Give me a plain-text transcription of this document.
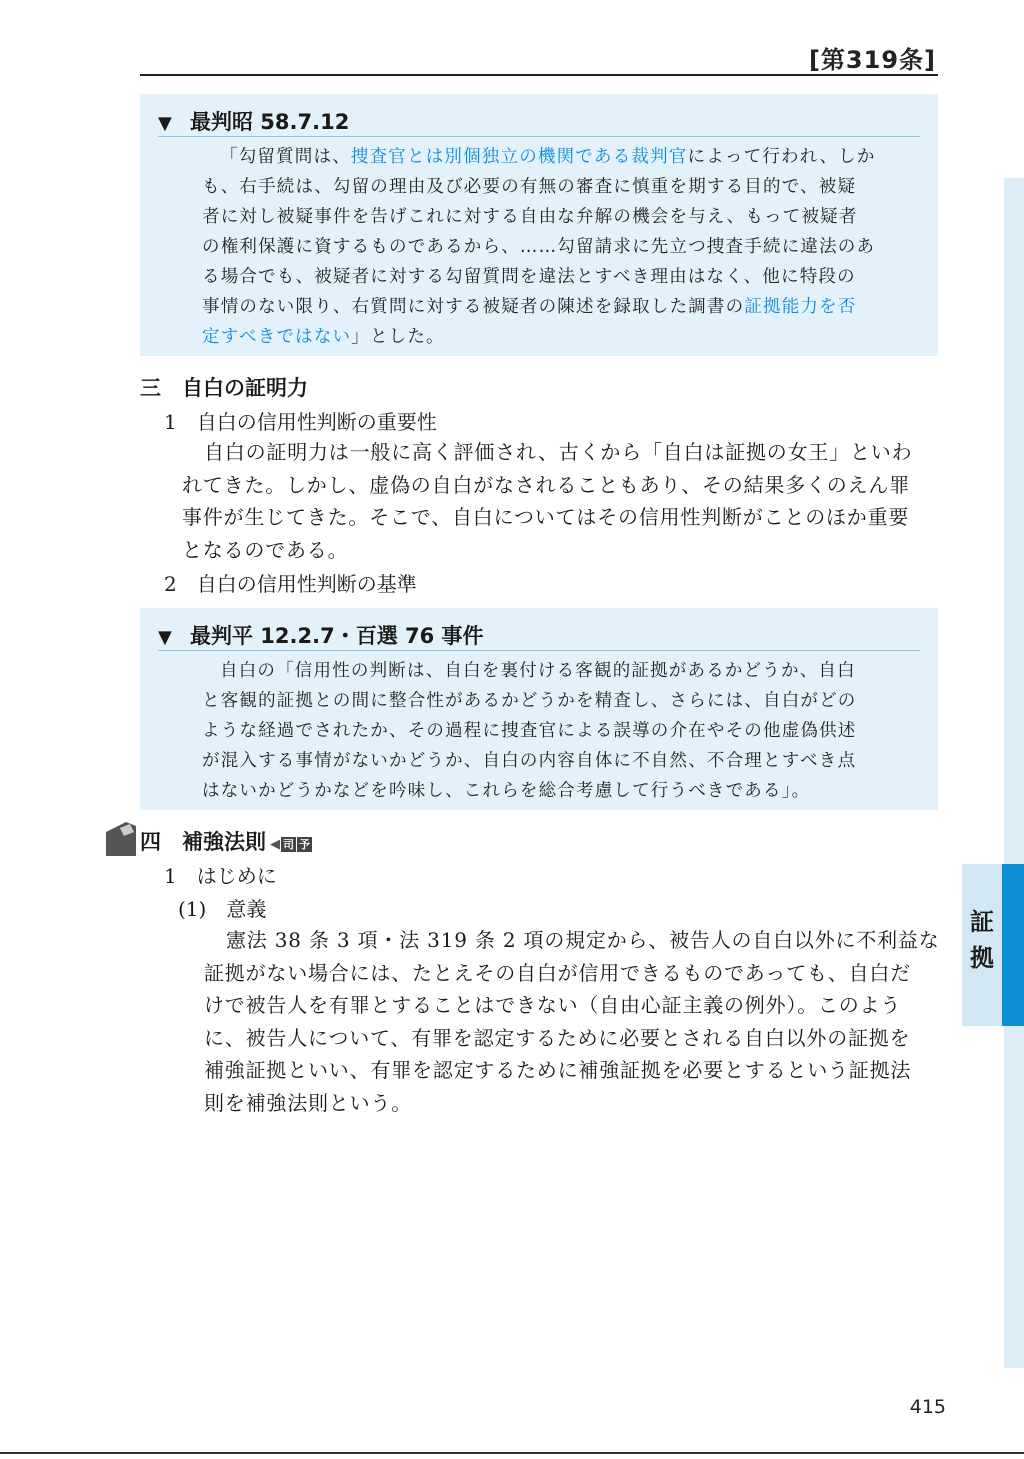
[第319条]
証
拠
▼ 最判昭 58.7.12
「勾留質問は、捜査官とは別個独立の機関である裁判官によって行われ、しか
も、右手続は、勾留の理由及び必要の有無の審査に慎重を期する目的で、被疑
者に対し被疑事件を告げこれに対する自由な弁解の機会を与え、もって被疑者
の権利保護に資するものであるから、……勾留請求に先立つ捜査手続に違法のあ
る場合でも、被疑者に対する勾留質問を違法とすべき理由はなく、他に特段の
事情のない限り、右質問に対する被疑者の陳述を録取した調書の証拠能力を否
定すべきではない」とした。
三　自白の証明力
1　自白の信用性判断の重要性
自白の証明力は一般に高く評価され、古くから「自白は証拠の女王」といわ
れてきた。しかし、虚偽の自白がなされることもあり、その結果多くのえん罪
事件が生じてきた。そこで、自白についてはその信用性判断がことのほか重要
となるのである。
2　自白の信用性判断の基準
▼ 最判平 12.2.7・百選 76 事件
自白の「信用性の判断は、自白を裏付ける客観的証拠があるかどうか、自白
と客観的証拠との間に整合性があるかどうかを精査し、さらには、自白がどの
ような経過でされたか、その過程に捜査官による誤導の介在やその他虚偽供述
が混入する事情がないかどうか、自白の内容自体に不自然、不合理とすべき点
はないかどうかなどを吟味し、これらを総合考慮して行うべきである」。
四　補強法則 ◀ 司 予
1　はじめに
(1)　意義
憲法 38 条 3 項・法 319 条 2 項の規定から、被告人の自白以外に不利益な
証拠がない場合には、たとえその自白が信用できるものであっても、自白だ
けで被告人を有罪とすることはできない（自由心証主義の例外）。このよう
に、被告人について、有罪を認定するために必要とされる自白以外の証拠を
補強証拠といい、有罪を認定するために補強証拠を必要とするという証拠法
則を補強法則という。
415
